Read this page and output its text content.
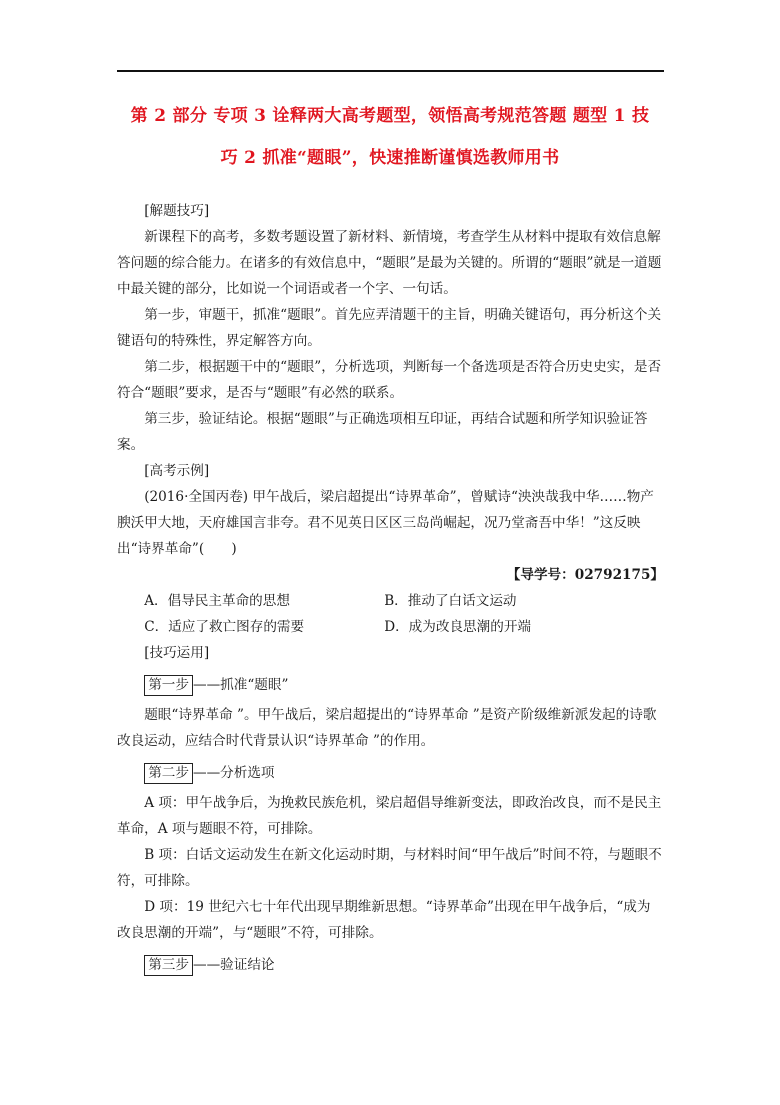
第 2 部分 专项 3 诠释两大高考题型，领悟高考规范答题 题型 1 技
巧 2 抓准“题眼”，快速推断谨慎选教师用书

[解题技巧]

新课程下的高考，多数考题设置了新材料、新情境，考查学生从材料中提取有效信息解答问题的综合能力。在诸多的有效信息中，“题眼”是最为关键的。所谓的“题眼”就是一道题中最关键的部分，比如说一个词语或者一个字、一句话。

第一步，审题干，抓准“题眼”。首先应弄清题干的主旨，明确关键语句，再分析这个关键语句的特殊性，界定解答方向。

第二步，根据题干中的“题眼”，分析选项，判断每一个备选项是否符合历史史实，是否符合“题眼”要求，是否与“题眼”有必然的联系。

第三步，验证结论。根据“题眼”与正确选项相互印证，再结合试题和所学知识验证答案。

[高考示例]

(2016·全国丙卷) 甲午战后，梁启超提出“诗界革命”，曾赋诗“泱泱哉我中华……物产腴沃甲大地，天府雄国言非夸。君不见英日区区三岛尚崛起，况乃堂斋吾中华！”这反映出“诗界革命”(　　)

【导学号：02792175】

A．倡导民主革命的思想	B．推动了白话文运动
C．适应了救亡图存的需要	D．成为改良思潮的开端

[技巧运用]

第一步 ——抓准“题眼”

题眼“诗界革命 ”。甲午战后，梁启超提出的“诗界革命 ”是资产阶级维新派发起的诗歌改良运动，应结合时代背景认识“诗界革命 ”的作用。

第二步 ——分析选项

A 项：甲午战争后，为挽救民族危机，梁启超倡导维新变法，即政治改良，而不是民主革命，A 项与题眼不符，可排除。

B 项：白话文运动发生在新文化运动时期，与材料时间“甲午战后”时间不符，与题眼不符，可排除。

D 项：19 世纪六七十年代出现早期维新思想。“诗界革命”出现在甲午战争后，“成为改良思潮的开端”，与“题眼”不符，可排除。

第三步 ——验证结论
